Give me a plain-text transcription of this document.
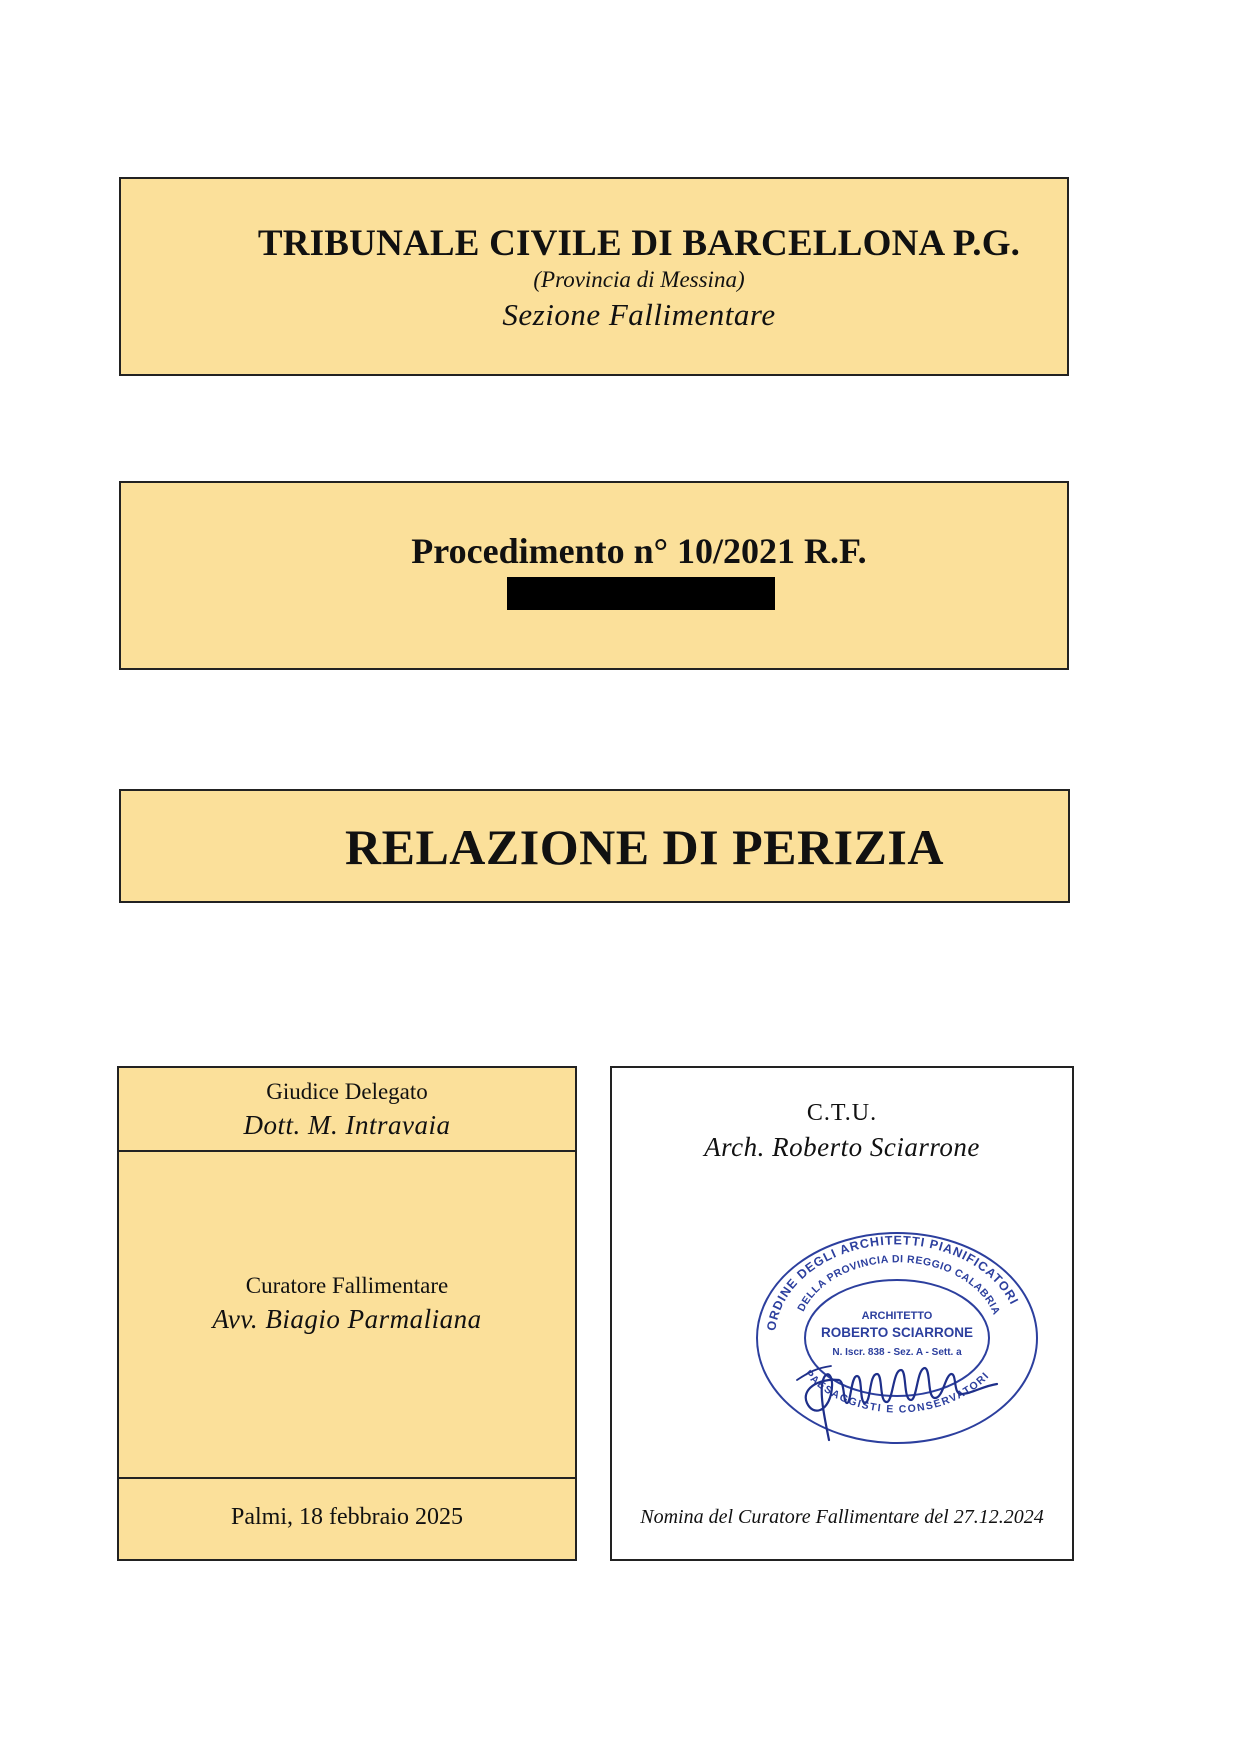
TRIBUNALE CIVILE DI BARCELLONA P.G.
(Provincia di Messina)
Sezione Fallimentare
Procedimento n° 10/2021 R.F.
RELAZIONE DI PERIZIA
Giudice Delegato
Dott. M. Intravaia
Curatore Fallimentare
Avv. Biagio Parmaliana
Palmi, 18 febbraio 2025
C.T.U.
Arch. Roberto Sciarrone
ORDINE DEGLI ARCHITETTI PIANIFICATORI
DELLA PROVINCIA DI REGGIO CALABRIA
PAESAGGISTI E CONSERVATORI
ARCHITETTO
ROBERTO SCIARRONE
N. Iscr. 838 - Sez. A - Sett. a
Nomina del Curatore Fallimentare del 27.12.2024
